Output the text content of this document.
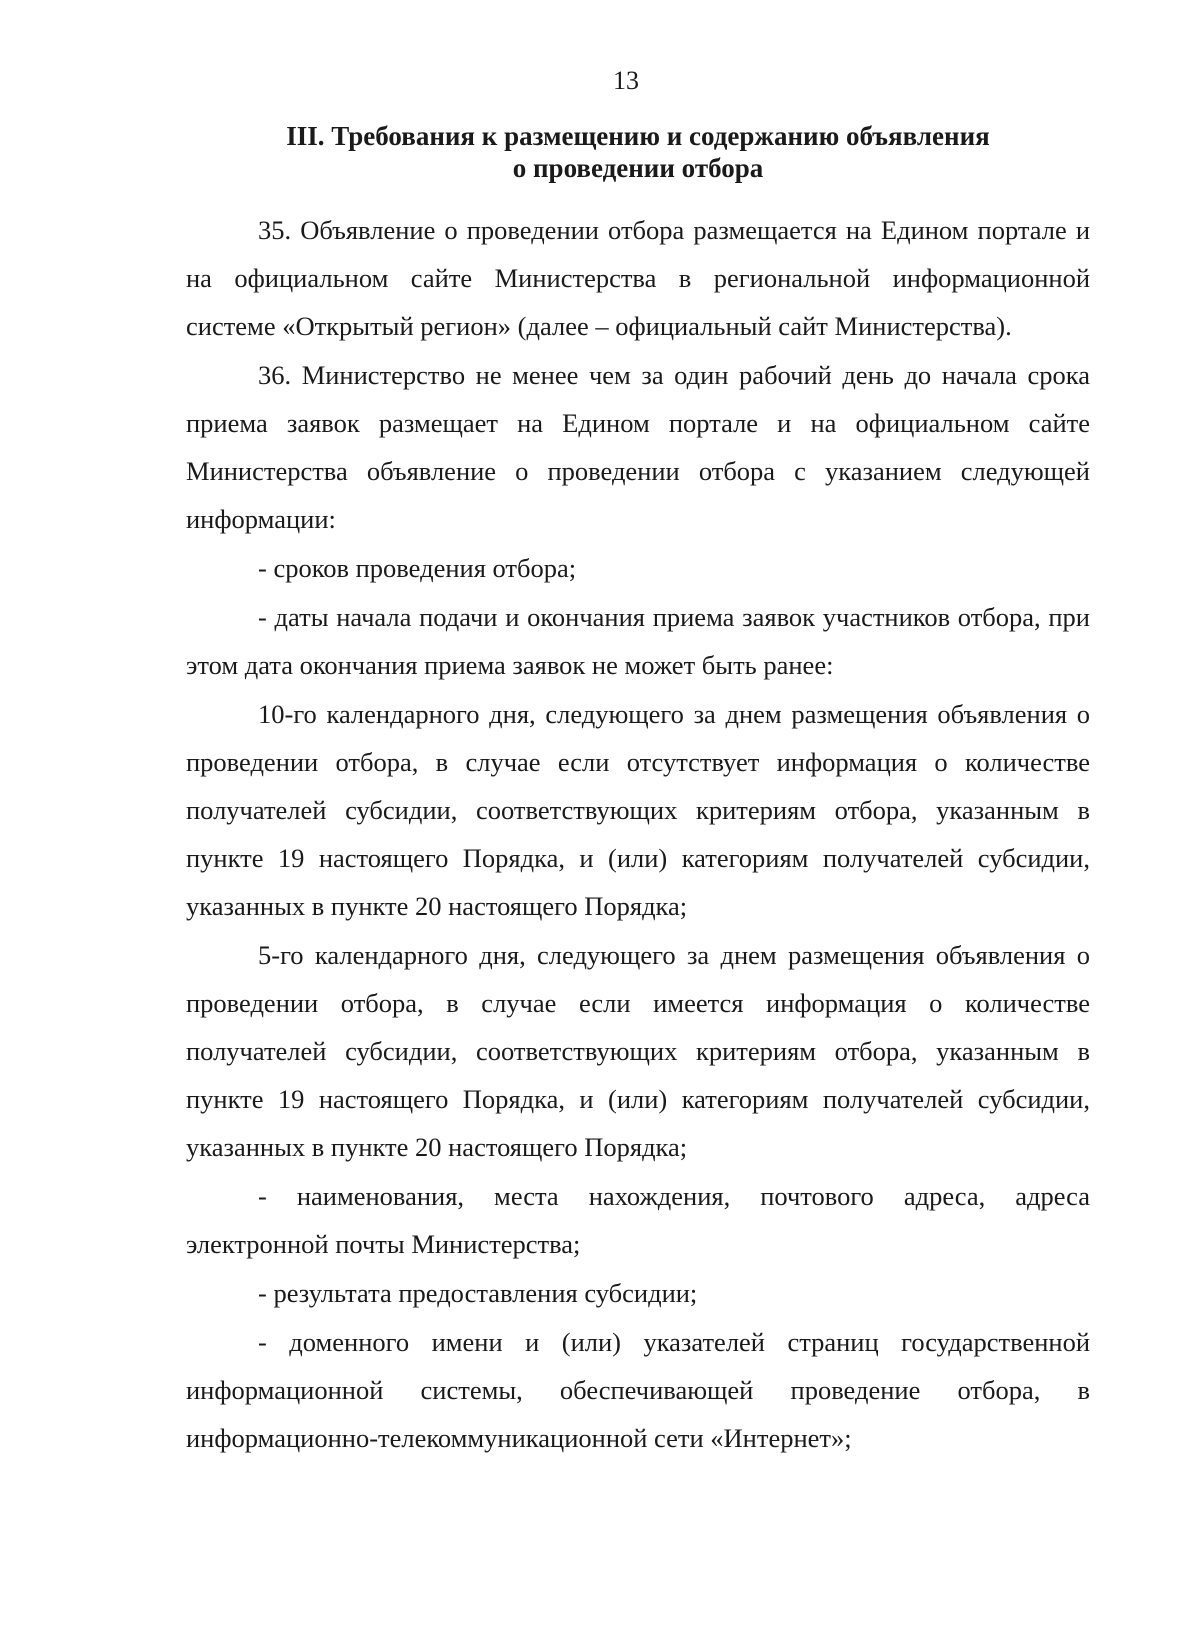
13
III. Требования к размещению и содержанию объявления
о проведении отбора

35. Объявление о проведении отбора размещается на Едином портале и на официальном сайте Министерства в региональной информационной системе «Открытый регион» (далее – официальный сайт Министерства).

36. Министерство не менее чем за один рабочий день до начала срока приема заявок размещает на Едином портале и на официальном сайте Министерства объявление о проведении отбора с указанием следующей информации:

- сроков проведения отбора;

- даты начала подачи и окончания приема заявок участников отбора, при этом дата окончания приема заявок не может быть ранее:

10-го календарного дня, следующего за днем размещения объявления о проведении отбора, в случае если отсутствует информация о количестве получателей субсидии, соответствующих критериям отбора, указанным в пункте 19 настоящего Порядка, и (или) категориям получателей субсидии, указанных в пункте 20 настоящего Порядка;

5-го календарного дня, следующего за днем размещения объявления о проведении отбора, в случае если имеется информация о количестве получателей субсидии, соответствующих критериям отбора, указанным в пункте 19 настоящего Порядка, и (или) категориям получателей субсидии, указанных в пункте 20 настоящего Порядка;

- наименования, места нахождения, почтового адреса, адреса электронной почты Министерства;

- результата предоставления субсидии;

- доменного имени и (или) указателей страниц государственной информационной системы, обеспечивающей проведение отбора, в информационно-телекоммуникационной сети «Интернет»;
